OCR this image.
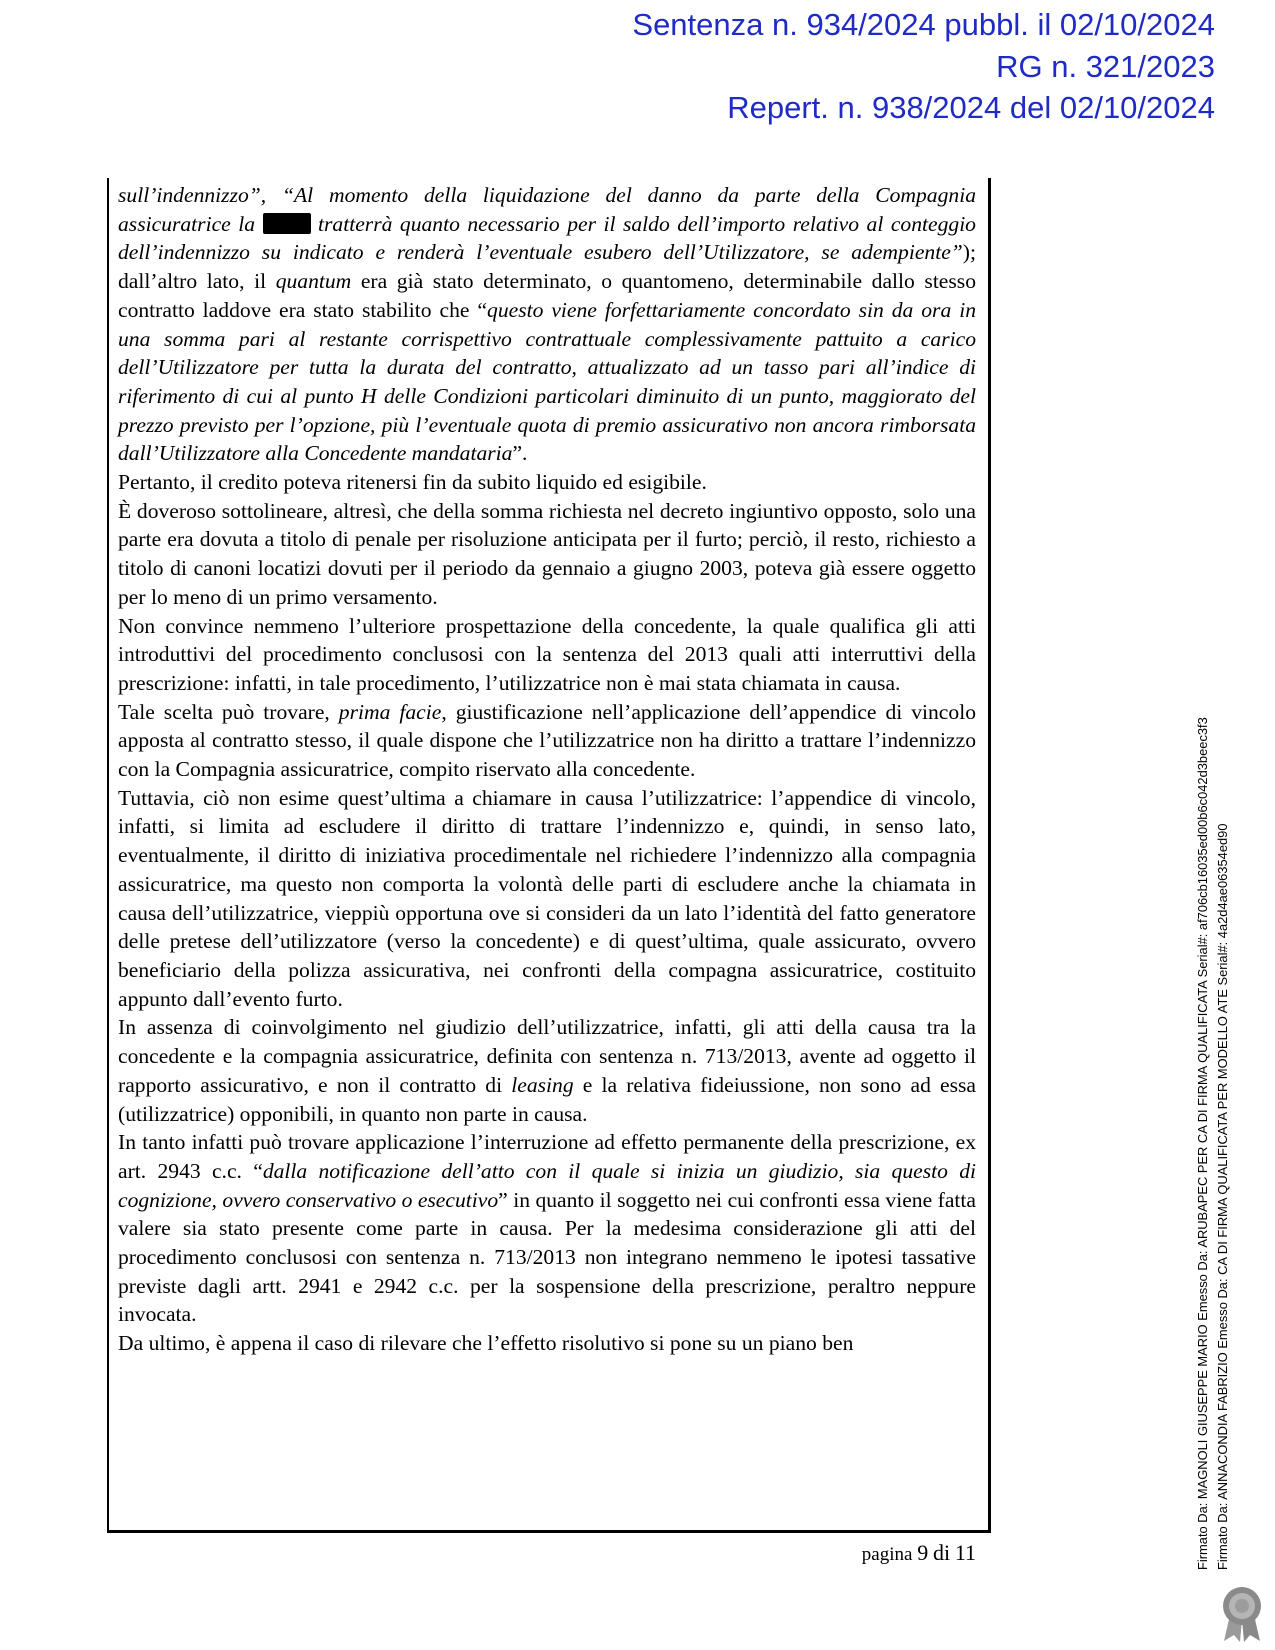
Sentenza n. 934/2024 pubbl. il 02/10/2024
RG n. 321/2023
Repert. n. 938/2024 del 02/10/2024

sull’indennizzo”, “Al momento della liquidazione del danno da parte della Compagnia assicuratrice la  tratterrà quanto necessario per il saldo dell’importo relativo al conteggio dell’indennizzo su indicato e renderà l’eventuale esubero dell’Utilizzatore, se adempiente”); dall’altro lato, il quantum era già stato determinato, o quantomeno, determinabile dallo stesso contratto laddove era stato stabilito che “questo viene forfettariamente concordato sin da ora in una somma pari al restante corrispettivo contrattuale complessivamente pattuito a carico dell’Utilizzatore per tutta la durata del contratto, attualizzato ad un tasso pari all’indice di riferimento di cui al punto H delle Condizioni particolari diminuito di un punto, maggiorato del prezzo previsto per l’opzione, più l’eventuale quota di premio assicurativo non ancora rimborsata dall’Utilizzatore alla Concedente mandataria”.

Pertanto, il credito poteva ritenersi fin da subito liquido ed esigibile.

È doveroso sottolineare, altresì, che della somma richiesta nel decreto ingiuntivo opposto, solo una parte era dovuta a titolo di penale per risoluzione anticipata per il furto; perciò, il resto, richiesto a titolo di canoni locatizi dovuti per il periodo da gennaio a giugno 2003, poteva già essere oggetto per lo meno di un primo versamento.

Non convince nemmeno l’ulteriore prospettazione della concedente, la quale qualifica gli atti introduttivi del procedimento conclusosi con la sentenza del 2013 quali atti interruttivi della prescrizione: infatti, in tale procedimento, l’utilizzatrice non è mai stata chiamata in causa.

Tale scelta può trovare, prima facie, giustificazione nell’applicazione dell’appendice di vincolo apposta al contratto stesso, il quale dispone che l’utilizzatrice non ha diritto a trattare l’indennizzo con la Compagnia assicuratrice, compito riservato alla concedente.

Tuttavia, ciò non esime quest’ultima a chiamare in causa l’utilizzatrice: l’appendice di vincolo, infatti, si limita ad escludere il diritto di trattare l’indennizzo e, quindi, in senso lato, eventualmente, il diritto di iniziativa procedimentale nel richiedere l’indennizzo alla compagnia assicuratrice, ma questo non comporta la volontà delle parti di escludere anche la chiamata in causa dell’utilizzatrice, vieppiù opportuna ove si consideri da un lato l’identità del fatto generatore delle pretese dell’utilizzatore (verso la concedente) e di quest’ultima, quale assicurato, ovvero beneficiario della polizza assicurativa, nei confronti della compagna assicuratrice, costituito appunto dall’evento furto.

In assenza di coinvolgimento nel giudizio dell’utilizzatrice, infatti, gli atti della causa tra la concedente e la compagnia assicuratrice, definita con sentenza n. 713/2013, avente ad oggetto il rapporto assicurativo, e non il contratto di leasing e la relativa fideiussione, non sono ad essa (utilizzatrice) opponibili, in quanto non parte in causa.

In tanto infatti può trovare applicazione l’interruzione ad effetto permanente della prescrizione, ex art. 2943 c.c. “dalla notificazione dell’atto con il quale si inizia un giudizio, sia questo di cognizione, ovvero conservativo o esecutivo” in quanto il soggetto nei cui confronti essa viene fatta valere sia stato presente come parte in causa. Per la medesima considerazione gli atti del procedimento conclusosi con sentenza n. 713/2013 non integrano nemmeno le ipotesi tassative previste dagli artt. 2941 e 2942 c.c. per la sospensione della prescrizione, peraltro neppure invocata.

Da ultimo, è appena il caso di rilevare che l’effetto risolutivo si pone su un piano ben

pagina 9 di 11	Firmato Da: MAGNOLI GIUSEPPE MARIO Emesso Da: ARUBAPEC PER CA DI FIRMA QUALIFICATA Serial#: af706cb16035ed00b6c042d3beec3f3 Firmato Da: ANNACONDIA FABRIZIO Emesso Da: CA DI FIRMA QUALIFICATA PER MODELLO ATE Serial#: 4a2d4ae06354ed90
